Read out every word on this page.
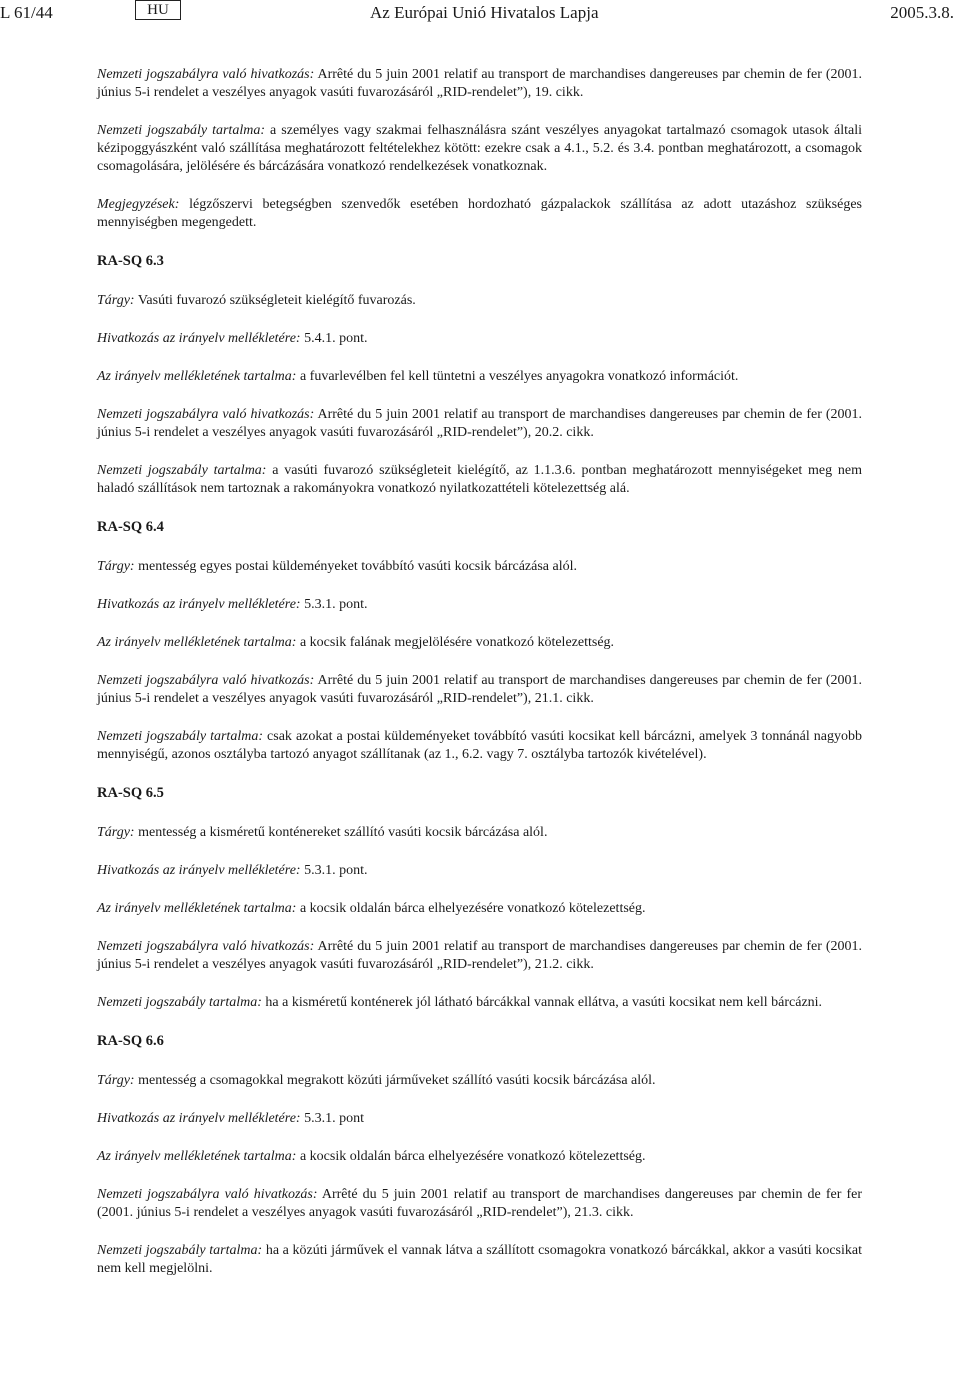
L 61/44	HU	Az Európai Unió Hivatalos Lapja	2005.3.8.

Nemzeti jogszabályra való hivatkozás: Arrêté du 5 juin 2001 relatif au transport de marchandises dangereuses par chemin de fer (2001. június 5-i rendelet a veszélyes anyagok vasúti fuvarozásáról „RID-rendelet”), 19. cikk.

Nemzeti jogszabály tartalma: a személyes vagy szakmai felhasználásra szánt veszélyes anyagokat tartalmazó csomagok utasok általi kézipoggyászként való szállítása meghatározott feltételekhez kötött: ezekre csak a 4.1., 5.2. és 3.4. pontban meghatározott, a csomagok csomagolására, jelölésére és bárcázására vonatkozó rendelkezések vonatkoznak.

Megjegyzések: légzőszervi betegségben szenvedők esetében hordozható gázpalackok szállítása az adott utazáshoz szükséges mennyiségben megengedett.

RA-SQ 6.3

Tárgy: Vasúti fuvarozó szükségleteit kielégítő fuvarozás.

Hivatkozás az irányelv mellékletére: 5.4.1. pont.

Az irányelv mellékletének tartalma: a fuvarlevélben fel kell tüntetni a veszélyes anyagokra vonatkozó információt.

Nemzeti jogszabályra való hivatkozás: Arrêté du 5 juin 2001 relatif au transport de marchandises dangereuses par chemin de fer (2001. június 5-i rendelet a veszélyes anyagok vasúti fuvarozásáról „RID-rendelet”), 20.2. cikk.

Nemzeti jogszabály tartalma: a vasúti fuvarozó szükségleteit kielégítő, az 1.1.3.6. pontban meghatározott mennyiségeket meg nem haladó szállítások nem tartoznak a rakományokra vonatkozó nyilatkozattételi kötelezettség alá.

RA-SQ 6.4

Tárgy: mentesség egyes postai küldeményeket továbbító vasúti kocsik bárcázása alól.

Hivatkozás az irányelv mellékletére: 5.3.1. pont.

Az irányelv mellékletének tartalma: a kocsik falának megjelölésére vonatkozó kötelezettség.

Nemzeti jogszabályra való hivatkozás: Arrêté du 5 juin 2001 relatif au transport de marchandises dangereuses par chemin de fer (2001. június 5-i rendelet a veszélyes anyagok vasúti fuvarozásáról „RID-rendelet”), 21.1. cikk.

Nemzeti jogszabály tartalma: csak azokat a postai küldeményeket továbbító vasúti kocsikat kell bárcázni, amelyek 3 tonnánál nagyobb mennyiségű, azonos osztályba tartozó anyagot szállítanak (az 1., 6.2. vagy 7. osztályba tartozók kivételével).

RA-SQ 6.5

Tárgy: mentesség a kisméretű konténereket szállító vasúti kocsik bárcázása alól.

Hivatkozás az irányelv mellékletére: 5.3.1. pont.

Az irányelv mellékletének tartalma: a kocsik oldalán bárca elhelyezésére vonatkozó kötelezettség.

Nemzeti jogszabályra való hivatkozás: Arrêté du 5 juin 2001 relatif au transport de marchandises dangereuses par chemin de fer (2001. június 5-i rendelet a veszélyes anyagok vasúti fuvarozásáról „RID-rendelet”), 21.2. cikk.

Nemzeti jogszabály tartalma: ha a kisméretű konténerek jól látható bárcákkal vannak ellátva, a vasúti kocsikat nem kell bárcázni.

RA-SQ 6.6

Tárgy: mentesség a csomagokkal megrakott közúti járműveket szállító vasúti kocsik bárcázása alól.

Hivatkozás az irányelv mellékletére: 5.3.1. pont

Az irányelv mellékletének tartalma: a kocsik oldalán bárca elhelyezésére vonatkozó kötelezettség.

Nemzeti jogszabályra való hivatkozás: Arrêté du 5 juin 2001 relatif au transport de marchandises dangereuses par chemin de fer fer (2001. június 5-i rendelet a veszélyes anyagok vasúti fuvarozásáról „RID-rendelet”), 21.3. cikk.

Nemzeti jogszabály tartalma: ha a közúti járművek el vannak látva a szállított csomagokra vonatkozó bárcákkal, akkor a vasúti kocsikat nem kell megjelölni.
